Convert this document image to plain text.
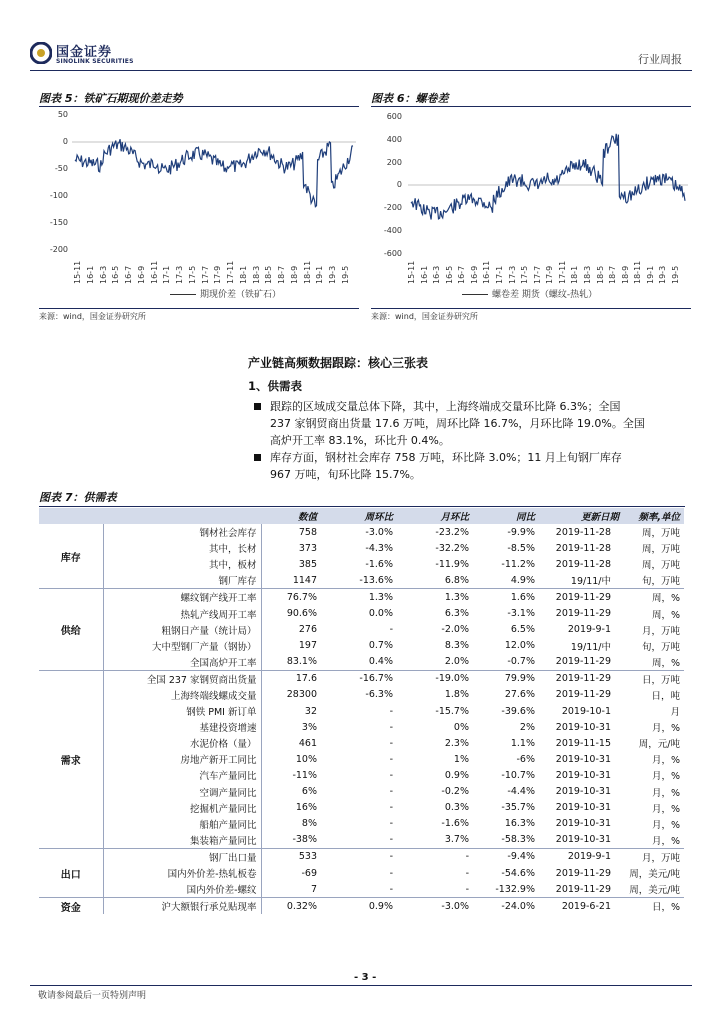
国金证券
SINOLINK SECURITIES	行业周报
图表 5：铁矿石期现价差走势
50
0
-50
-100
-150
-200
15-11 16-1 16-3 16-5 16-7 16-9 16-11 17-1 17-3 17-5 17-7 17-9 17-11 18-1 18-3 18-5 18-7 18-9 18-11 19-1 19-3 19-5
期现价差（铁矿石）
来源：wind，国金证券研究所
图表 6：螺卷差
600
400
200
0
-200
-400
-600
15-11 16-1 16-3 16-5 16-7 16-9 16-11 17-1 17-3 17-5 17-7 17-9 17-11 18-1 18-3 18-5 18-7 18-9 18-11 19-1 19-3 19-5
螺卷差 期货（螺纹-热轧）
来源：wind，国金证券研究所
产业链高频数据跟踪：核心三张表
1、供需表
跟踪的区域成交量总体下降，其中，上海终端成交量环比降 6.3%；全国
237 家钢贸商出货量 17.6 万吨，周环比降 16.7%，月环比降 19.0%。全国
高炉开工率 83.1%，环比升 0.4%。
库存方面，钢材社会库存 758 万吨，环比降 3.0%；11 月上旬钢厂库存
967 万吨，旬环比降 15.7%。
图表 7：供需表
		数值	周环比	月环比	同比	更新日期	频率,单位
库存	钢材社会库存	758	-3.0%	-23.2%	-9.9%	2019-11-28	周，万吨
	其中，长材	373	-4.3%	-32.2%	-8.5%	2019-11-28	周，万吨
	其中，板材	385	-1.6%	-11.9%	-11.2%	2019-11-28	周，万吨
	钢厂库存	1147	-13.6%	6.8%	4.9%	19/11/中	旬，万吨
供给	螺纹钢产线开工率	76.7%	1.3%	1.3%	1.6%	2019-11-29	周，%
	热轧产线周开工率	90.6%	0.0%	6.3%	-3.1%	2019-11-29	周，%
	粗钢日产量（统计局）	276	-	-2.0%	6.5%	2019-9-1	月，万吨
	大中型钢厂产量（钢协）	197	0.7%	8.3%	12.0%	19/11/中	旬，万吨
	全国高炉开工率	83.1%	0.4%	2.0%	-0.7%	2019-11-29	周，%
需求	全国 237 家钢贸商出货量	17.6	-16.7%	-19.0%	79.9%	2019-11-29	日，万吨
	上海终端线螺成交量	28300	-6.3%	1.8%	27.6%	2019-11-29	日，吨
	钢铁 PMI 新订单	32	-	-15.7%	-39.6%	2019-10-1	月
	基建投资增速	3%	-	0%	2%	2019-10-31	月，%
	水泥价格（量）	461	-	2.3%	1.1%	2019-11-15	周，元/吨
	房地产新开工同比	10%	-	1%	-6%	2019-10-31	月，%
	汽车产量同比	-11%	-	0.9%	-10.7%	2019-10-31	月，%
	空调产量同比	6%	-	-0.2%	-4.4%	2019-10-31	月，%
	挖掘机产量同比	16%	-	0.3%	-35.7%	2019-10-31	月，%
	船舶产量同比	8%	-	-1.6%	16.3%	2019-10-31	月，%
	集装箱产量同比	-38%	-	3.7%	-58.3%	2019-10-31	月，%
出口	钢厂出口量	533	-	-	-9.4%	2019-9-1	月，万吨
	国内外价差-热轧板卷	-69	-	-	-54.6%	2019-11-29	周，美元/吨
	国内外价差-螺纹	7	-	-	-132.9%	2019-11-29	周，美元/吨
资金	沪大额银行承兑贴现率	0.32%	0.9%	-3.0%	-24.0%	2019-6-21	日，%
- 3 -
敬请参阅最后一页特别声明
